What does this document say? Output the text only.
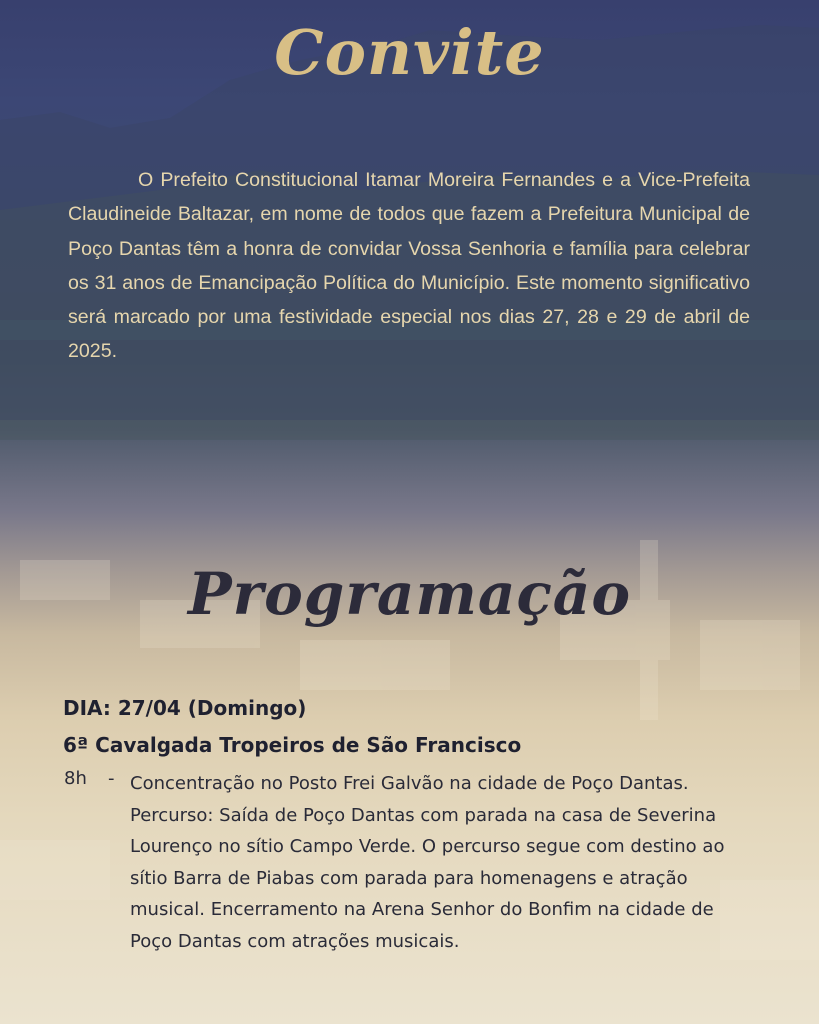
Convite

O Prefeito Constitucional Itamar Moreira Fernandes e a Vice-Prefeita Claudineide Baltazar, em nome de todos que fazem a Prefeitura Municipal de Poço Dantas têm a honra de convidar Vossa Senhoria e família para celebrar os 31 anos de Emancipação Política do Município. Este momento significativo será marcado por uma festividade especial nos dias 27, 28 e 29 de abril de 2025.

Programação
DIA: 27/04 (Domingo)
6ª Cavalgada Tropeiros de São Francisco
8h - Concentração no Posto Frei Galvão na cidade de Poço Dantas. Percurso: Saída de Poço Dantas com parada na casa de Severina Lourenço no sítio Campo Verde. O percurso segue com destino ao sítio Barra de Piabas com parada para homenagens e atração musical. Encerramento na Arena Senhor do Bonfim na cidade de Poço Dantas com atrações musicais.
